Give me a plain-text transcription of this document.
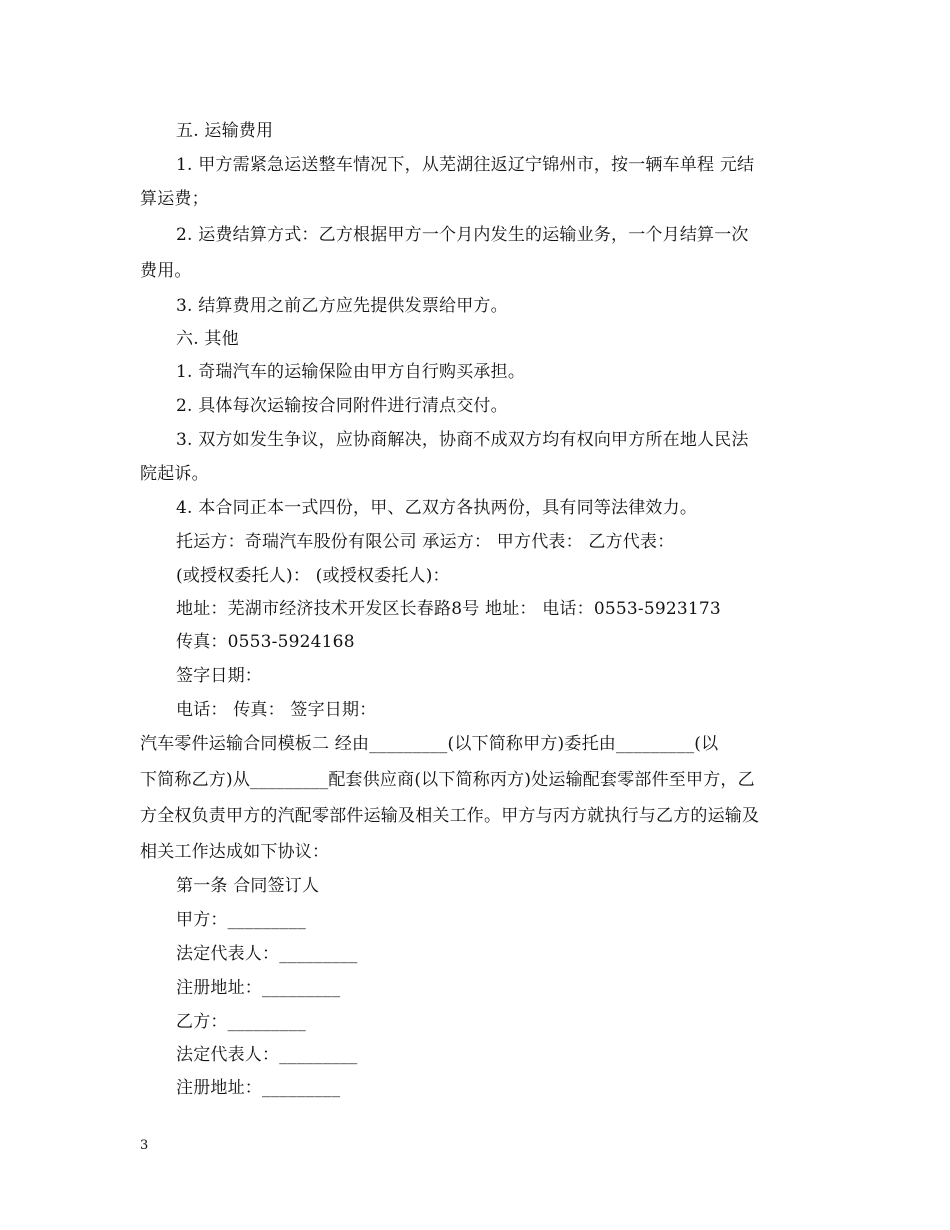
五. 运输费用
1. 甲方需紧急运送整车情况下，从芜湖往返辽宁锦州市，按一辆车单程 元结
算运费；
2. 运费结算方式：乙方根据甲方一个月内发生的运输业务，一个月结算一次
费用。
3. 结算费用之前乙方应先提供发票给甲方。
六. 其他
1. 奇瑞汽车的运输保险由甲方自行购买承担。
2. 具体每次运输按合同附件进行清点交付。
3. 双方如发生争议，应协商解决，协商不成双方均有权向甲方所在地人民法
院起诉。
4. 本合同正本一式四份，甲、乙双方各执两份，具有同等法律效力。
托运方：奇瑞汽车股份有限公司 承运方： 甲方代表： 乙方代表：
(或授权委托人)： (或授权委托人)：
地址：芜湖市经济技术开发区长春路8号 地址： 电话：0553-5923173
传真：0553-5924168
签字日期：
电话： 传真： 签字日期：
汽车零件运输合同模板二 经由_________(以下简称甲方)委托由_________(以
下简称乙方)从_________配套供应商(以下简称丙方)处运输配套零部件至甲方，乙
方全权负责甲方的汽配零部件运输及相关工作。甲方与丙方就执行与乙方的运输及
相关工作达成如下协议：
第一条 合同签订人
甲方：_________
法定代表人：_________
注册地址：_________
乙方：_________
法定代表人：_________
注册地址：_________
3
